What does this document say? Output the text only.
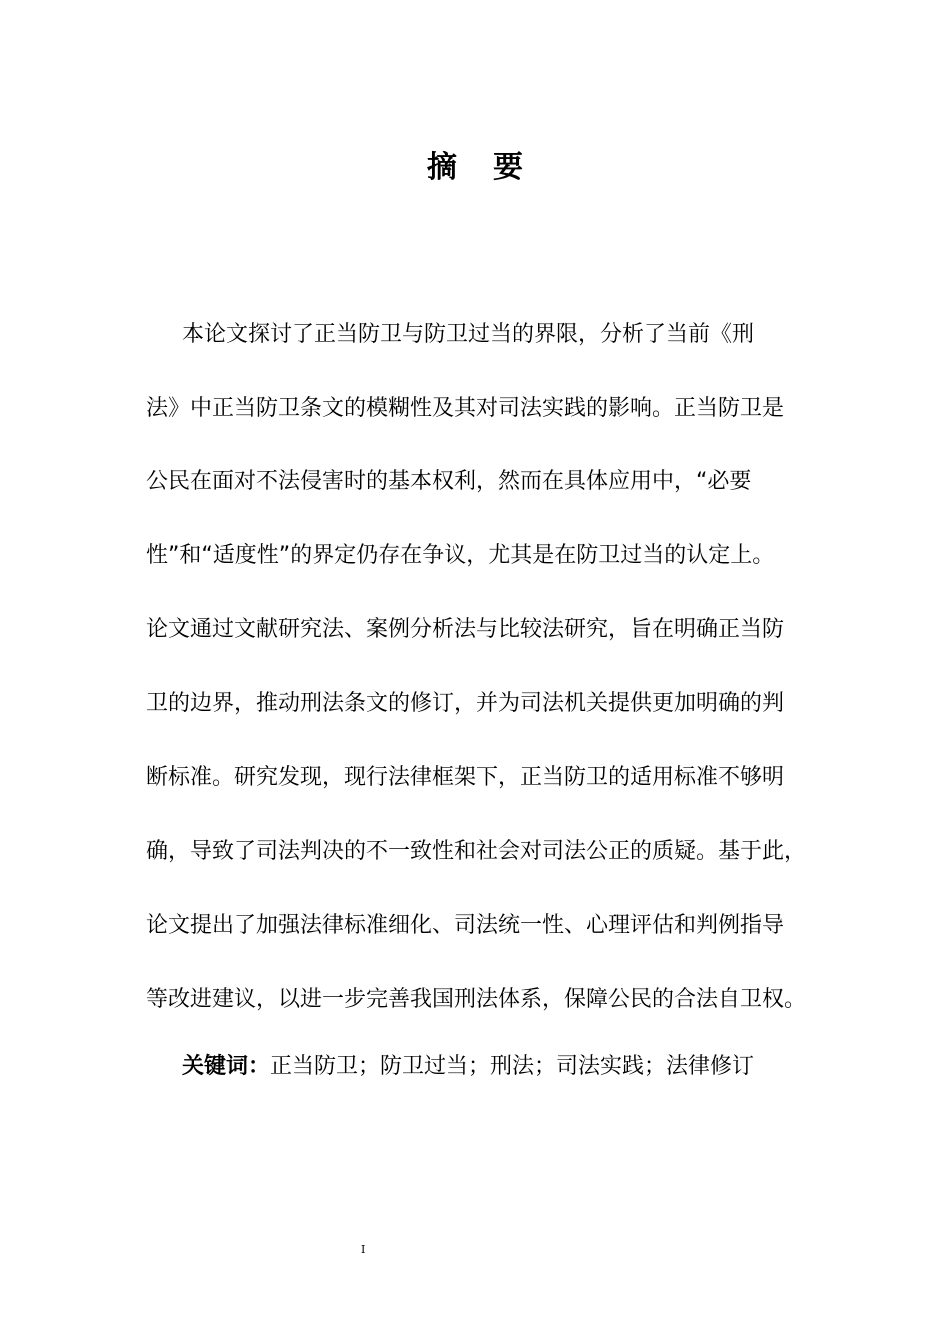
摘要
本论文探讨了正当防卫与防卫过当的界限，分析了当前《刑
法》中正当防卫条文的模糊性及其对司法实践的影响。正当防卫是
公民在面对不法侵害时的基本权利，然而在具体应用中，“必要
性”和“适度性”的界定仍存在争议，尤其是在防卫过当的认定上。
论文通过文献研究法、案例分析法与比较法研究，旨在明确正当防
卫的边界，推动刑法条文的修订，并为司法机关提供更加明确的判
断标准。研究发现，现行法律框架下，正当防卫的适用标准不够明
确，导致了司法判决的不一致性和社会对司法公正的质疑。基于此，
论文提出了加强法律标准细化、司法统一性、心理评估和判例指导
等改进建议，以进一步完善我国刑法体系，保障公民的合法自卫权。
关键词：正当防卫；防卫过当；刑法；司法实践；法律修订
I
